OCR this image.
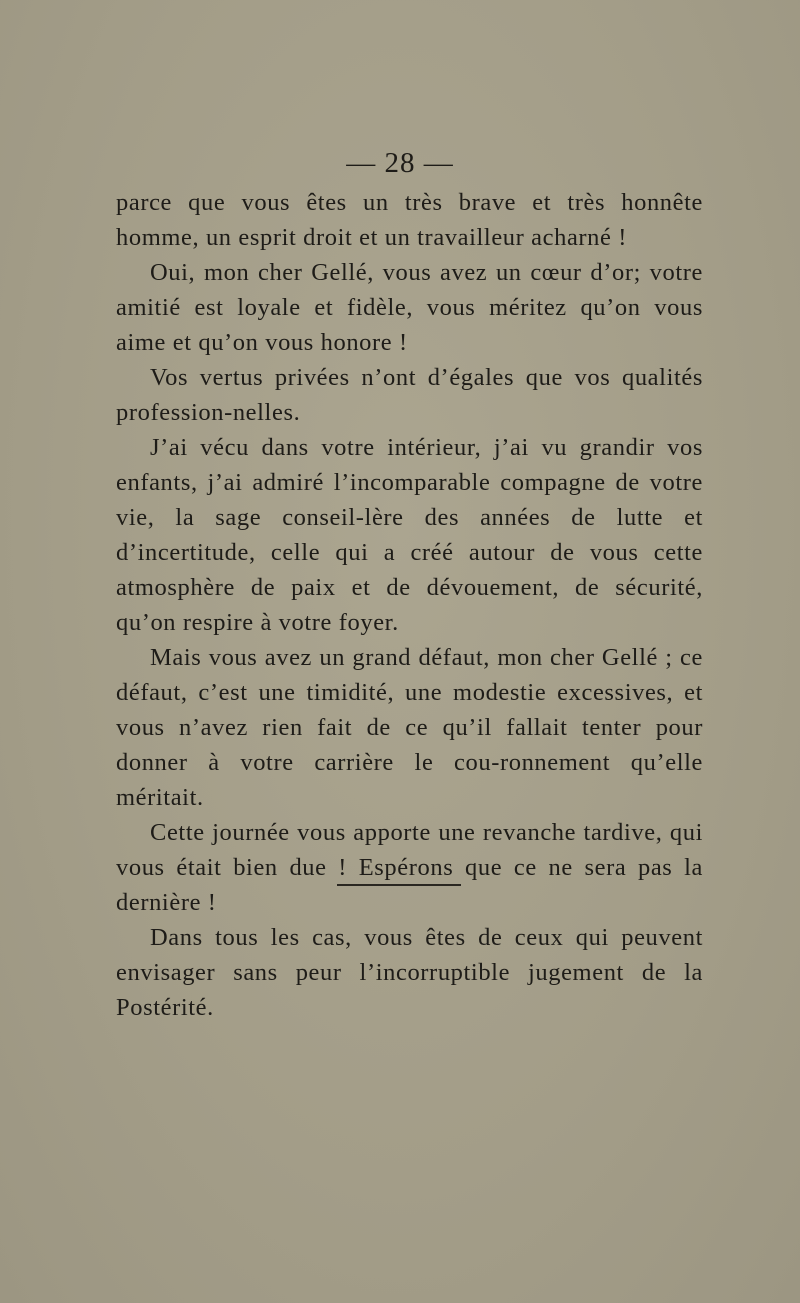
— 28 —

parce que vous êtes un très brave et très honnête homme, un esprit droit et un travailleur acharné !

Oui, mon cher Gellé, vous avez un cœur d’or; votre amitié est loyale et fidèle, vous méritez qu’on vous aime et qu’on vous honore !

Vos vertus privées n’ont d’égales que vos qualités profession-nelles.

J’ai vécu dans votre intérieur, j’ai vu grandir vos enfants, j’ai admiré l’incomparable compagne de votre vie, la sage conseil-lère des années de lutte et d’incertitude, celle qui a créé autour de vous cette atmosphère de paix et de dévouement, de sécurité, qu’on respire à votre foyer.

Mais vous avez un grand défaut, mon cher Gellé ; ce défaut, c’est une timidité, une modestie excessives, et vous n’avez rien fait de ce qu’il fallait tenter pour donner à votre carrière le cou-ronnement qu’elle méritait.

Cette journée vous apporte une revanche tardive, qui vous était bien due ! Espérons que ce ne sera pas la dernière !

Dans tous les cas, vous êtes de ceux qui peuvent envisager sans peur l’incorruptible jugement de la Postérité.
